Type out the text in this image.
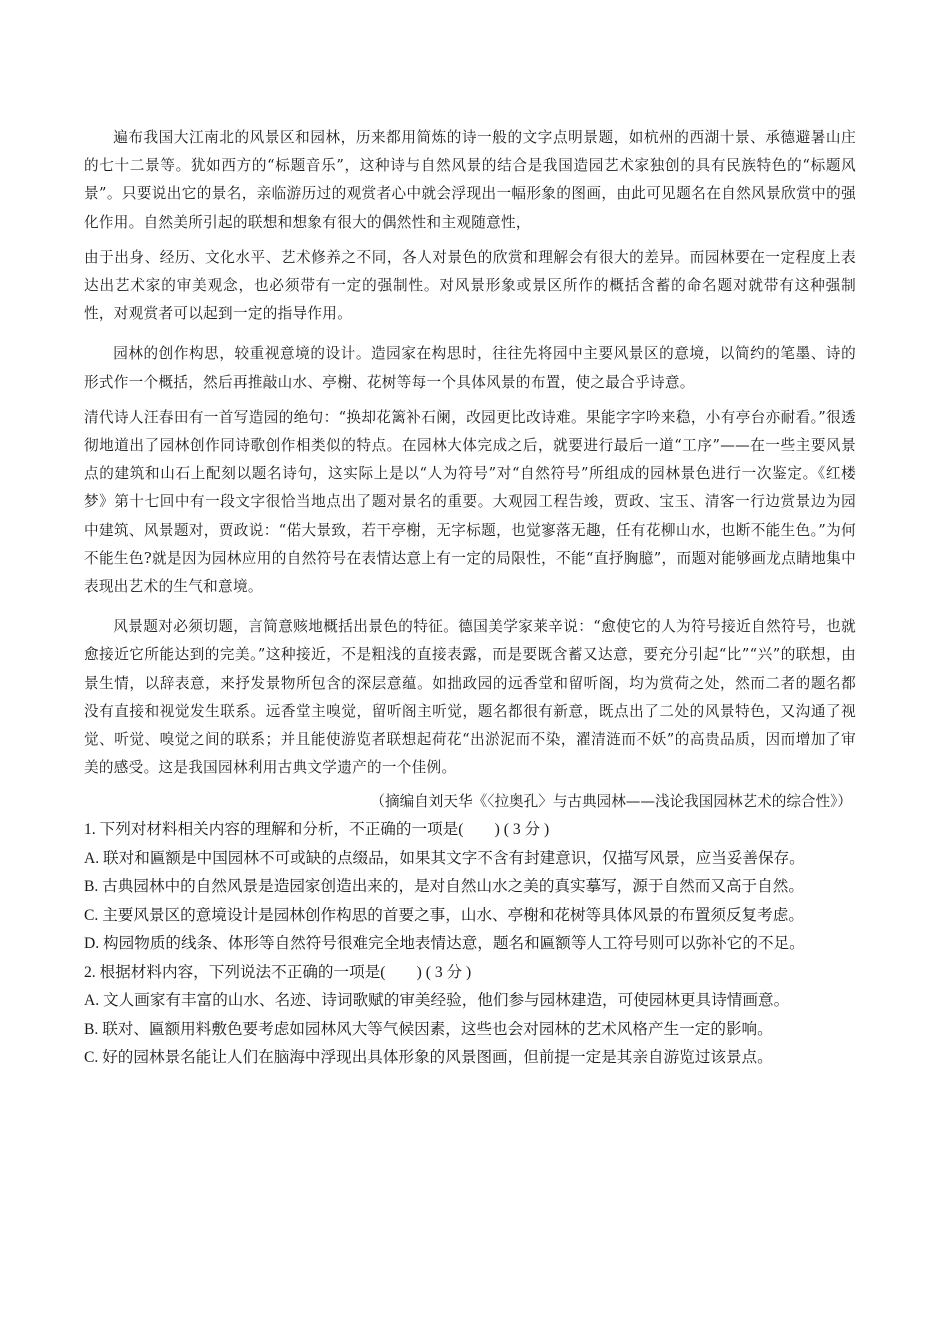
遍布我国大江南北的风景区和园林，历来都用简炼的诗一般的文字点明景题，如杭州的西湖十景、承德避暑山庄的七十二景等。犹如西方的“标题音乐”，这种诗与自然风景的结合是我国造园艺术家独创的具有民族特色的“标题风景”。只要说出它的景名，亲临游历过的观赏者心中就会浮现出一幅形象的图画，由此可见题名在自然风景欣赏中的强化作用。自然美所引起的联想和想象有很大的偶然性和主观随意性，

由于出身、经历、文化水平、艺术修养之不同，各人对景色的欣赏和理解会有很大的差异。而园林要在一定程度上表达出艺术家的审美观念，也必须带有一定的强制性。对风景形象或景区所作的概括含蓄的命名题对就带有这种强制性，对观赏者可以起到一定的指导作用。

园林的创作构思，较重视意境的设计。造园家在构思时，往往先将园中主要风景区的意境，以简约的笔墨、诗的形式作一个概括，然后再推敲山水、亭榭、花树等每一个具体风景的布置，使之最合乎诗意。

清代诗人汪春田有一首写造园的绝句：“换却花篱补石阑，改园更比改诗难。果能字字吟来稳，小有亭台亦耐看。”很透彻地道出了园林创作同诗歌创作相类似的特点。在园林大体完成之后，就要进行最后一道“工序”——在一些主要风景点的建筑和山石上配刻以题名诗句，这实际上是以“人为符号”对“自然符号”所组成的园林景色进行一次鉴定。《红楼梦》第十七回中有一段文字很恰当地点出了题对景名的重要。大观园工程告竣，贾政、宝玉、清客一行边赏景边为园中建筑、风景题对，贾政说：“偌大景致，若干亭榭，无字标题，也觉寥落无趣，任有花柳山水，也断不能生色。”为何不能生色?就是因为园林应用的自然符号在表情达意上有一定的局限性，不能“直抒胸臆”，而题对能够画龙点睛地集中表现出艺术的生气和意境。

风景题对必须切题，言简意赅地概括出景色的特征。德国美学家莱辛说：“愈使它的人为符号接近自然符号，也就愈接近它所能达到的完美。”这种接近，不是粗浅的直接表露，而是要既含蓄又达意，要充分引起“比”“兴”的联想，由景生情，以辞表意，来抒发景物所包含的深层意蕴。如拙政园的远香堂和留听阁，均为赏荷之处，然而二者的题名都没有直接和视觉发生联系。远香堂主嗅觉，留听阁主听觉，题名都很有新意，既点出了二处的风景特色，又沟通了视觉、听觉、嗅觉之间的联系；并且能使游览者联想起荷花“出淤泥而不染，濯清涟而不妖”的高贵品质，因而增加了审美的感受。这是我国园林利用古典文学遗产的一个佳例。

（摘编自刘天华《〈拉奥孔〉与古典园林——浅论我国园林艺术的综合性》）

1. 下列对材料相关内容的理解和分析，不正确的一项是(　　) ( 3 分 )

A. 联对和匾额是中国园林不可或缺的点缀品，如果其文字不含有封建意识，仅描写风景，应当妥善保存。

B. 古典园林中的自然风景是造园家创造出来的，是对自然山水之美的真实摹写，源于自然而又高于自然。

C. 主要风景区的意境设计是园林创作构思的首要之事，山水、亭榭和花树等具体风景的布置须反复考虑。

D. 构园物质的线条、体形等自然符号很难完全地表情达意，题名和匾额等人工符号则可以弥补它的不足。

2. 根据材料内容，下列说法不正确的一项是(　　) ( 3 分 )

A. 文人画家有丰富的山水、名迹、诗词歌赋的审美经验，他们参与园林建造，可使园林更具诗情画意。

B. 联对、匾额用料敷色要考虑如园林风大等气候因素，这些也会对园林的艺术风格产生一定的影响。

C. 好的园林景名能让人们在脑海中浮现出具体形象的风景图画，但前提一定是其亲自游览过该景点。
